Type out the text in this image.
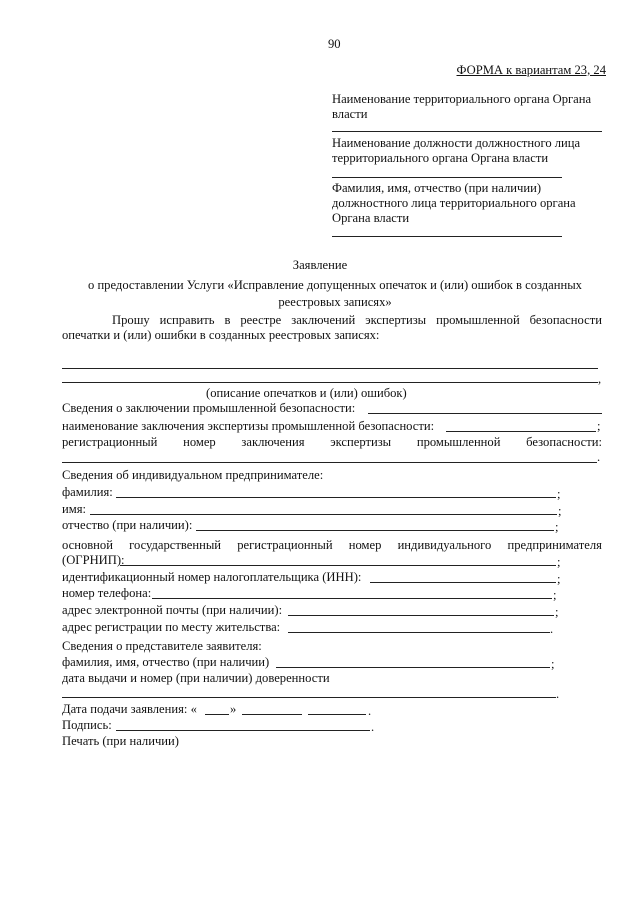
90
ФОРМА к вариантам 23, 24
Наименование территориального органа Органа
власти
Наименование должности должностного лица
территориального органа Органа власти
Фамилия, имя, отчество (при наличии)
должностного лица территориального органа
Органа власти
Заявление
о предоставлении Услуги «Исправление допущенных опечаток и (или) ошибок в созданных
реестровых записях»
Прошу исправить в реестре заключений экспертизы промышленной безопасности
опечатки и (или) ошибки в созданных реестровых записях:
,
(описание опечатков и (или) ошибок)
Сведения о заключении промышленной безопасности:
наименование заключения экспертизы промышленной безопасности:	;
регистрационный номер заключения экспертизы промышленной безопасности:
.
Сведения об индивидуальном предпринимателе:
фамилия:	;
имя:	;
отчество (при наличии):	;
основной государственный регистрационный номер индивидуального предпринимателя
(ОГРНИП):	;
идентификационный номер налогоплательщика (ИНН):	;
номер телефона:	;
адрес электронной почты (при наличии):	;
адрес регистрации по месту жительства:	.
Сведения о представителе заявителя:
фамилия, имя, отчество (при наличии)	;
дата выдачи и номер (при наличии) доверенности
.
Дата подачи заявления: «	»	.
Подпись:	.
Печать (при наличии)
